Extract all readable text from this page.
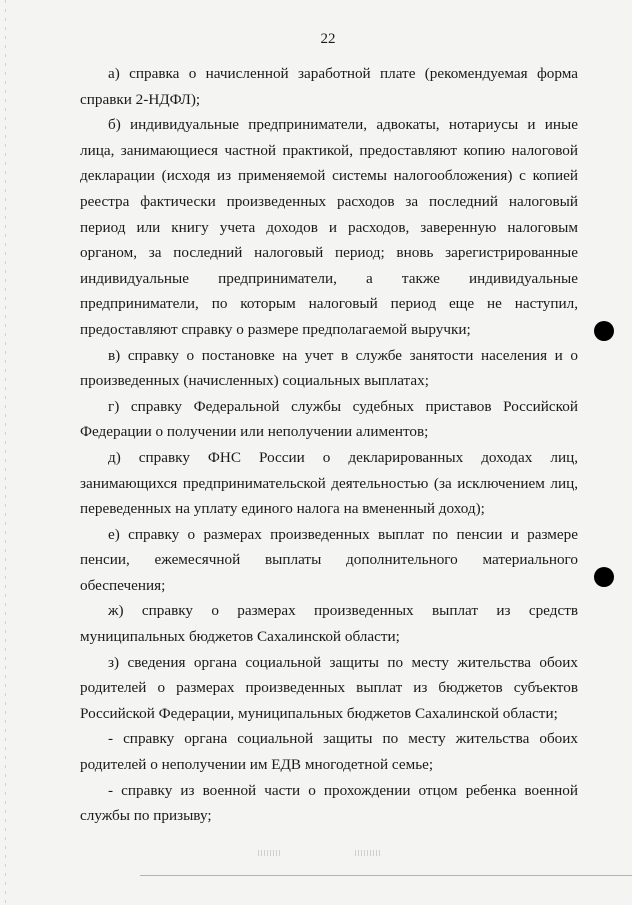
22

а) справка о начисленной заработной плате (рекомендуемая форма справки 2-НДФЛ);

б) индивидуальные предприниматели, адвокаты, нотариусы и иные лица, занимающиеся частной практикой, предоставляют копию налоговой декларации (исходя из применяемой системы налогообложения) с копией реестра фактически произведенных расходов за последний налоговый период или книгу учета доходов и расходов, заверенную налоговым органом, за последний налоговый период; вновь зарегистрированные индивидуальные предприниматели, а также индивидуальные предприниматели, по которым налоговый период еще не наступил, предоставляют справку о размере предполагаемой выручки;

в) справку о постановке на учет в службе занятости населения и о произведенных (начисленных) социальных выплатах;

г) справку Федеральной службы судебных приставов Российской Федерации о получении или неполучении алиментов;

д) справку ФНС России о декларированных доходах лиц, занимающихся предпринимательской деятельностью (за исключением лиц, переведенных на уплату единого налога на вмененный доход);

е) справку о размерах произведенных выплат по пенсии и размере пенсии, ежемесячной выплаты дополнительного материального обеспечения;

ж) справку о размерах произведенных выплат из средств муниципальных бюджетов Сахалинской области;

з) сведения органа социальной защиты по месту жительства обоих родителей о размерах произведенных выплат из бюджетов субъектов Российской Федерации, муниципальных бюджетов Сахалинской области;

- справку органа социальной защиты по месту жительства обоих родителей о неполучении им ЕДВ многодетной семье;

- справку из военной части о прохождении отцом ребенка военной службы по призыву;
